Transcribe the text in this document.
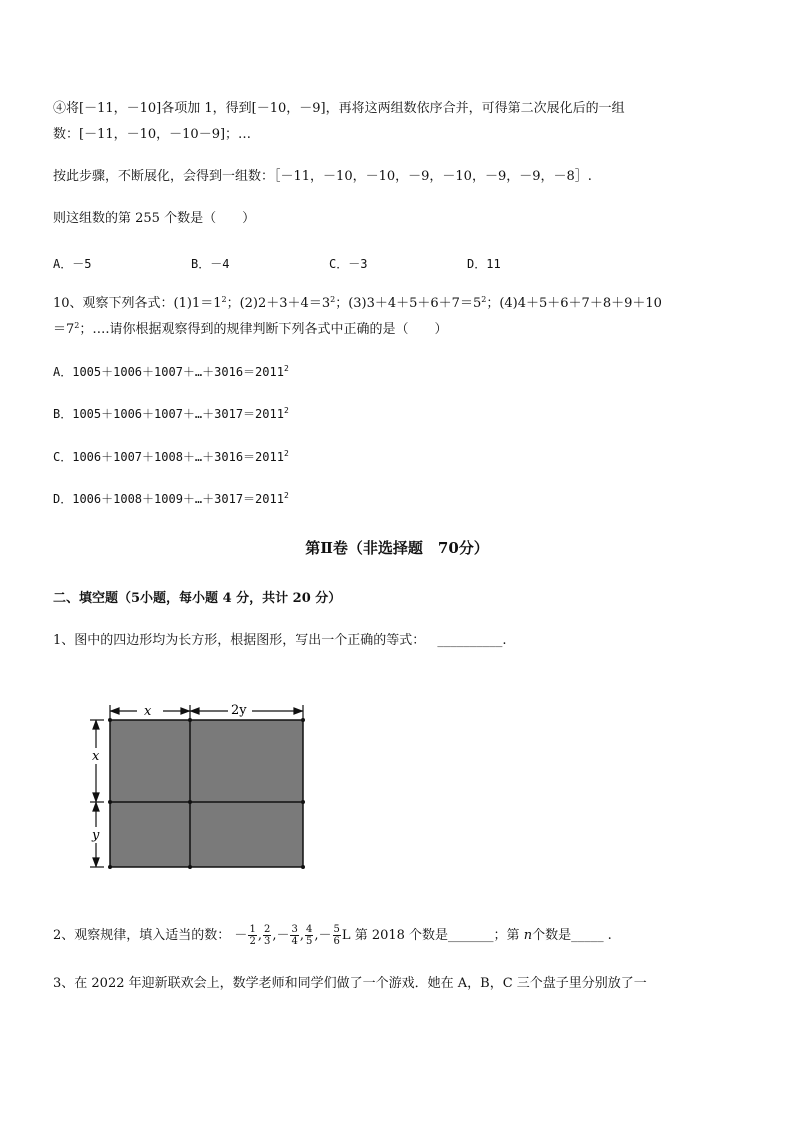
④将[－11，－10]各项加 1，得到[－10，－9]，再将这两组数依序合并，可得第二次展化后的一组
数：[－11，－10，－10－9]；…
按此步骤，不断展化，会得到一组数：［－11，－10，－10，－9，－10，－9，－9，－8］.
则这组数的第 255 个数是（　　）
A．－5	B．－4	C．－3	D．11
10、观察下列各式：$(1)1=1^2$；$(2)2+3+4=3^2$；$(3)3+4+5+6+7=5^2$；(4)4＋5＋6＋7＋8＋9＋10
$=7^2$；….请你根据观察得到的规律判断下列各式中正确的是（　　）
A．$1005+1006+1007+\dots+3016=2011^2$
B．$1005+1006+1007+\dots+3017=2011^2$
C．$1006+1007+1008+\dots+3016=2011^2$
D．$1006+1008+1009+\dots+3017=2011^2$
第Ⅱ卷（非选择题　70分）
二、填空题（5小题，每小题 4 分，共计 20 分）
1、图中的四边形均为长方形，根据图形，写出一个正确的等式： __________.
x	2y
x
y
2、观察规律，填入适当的数： － $\frac{1}{2}$ , $\frac{2}{3}$ ,－ $\frac{3}{4}$ , $\frac{4}{5}$ ,－ $\frac{5}{6}$ L 第 2018 个数是_______；第 n个数是_____ .
3、在 2022 年迎新联欢会上，数学老师和同学们做了一个游戏．她在 A，B，C 三个盘子里分别放了一
